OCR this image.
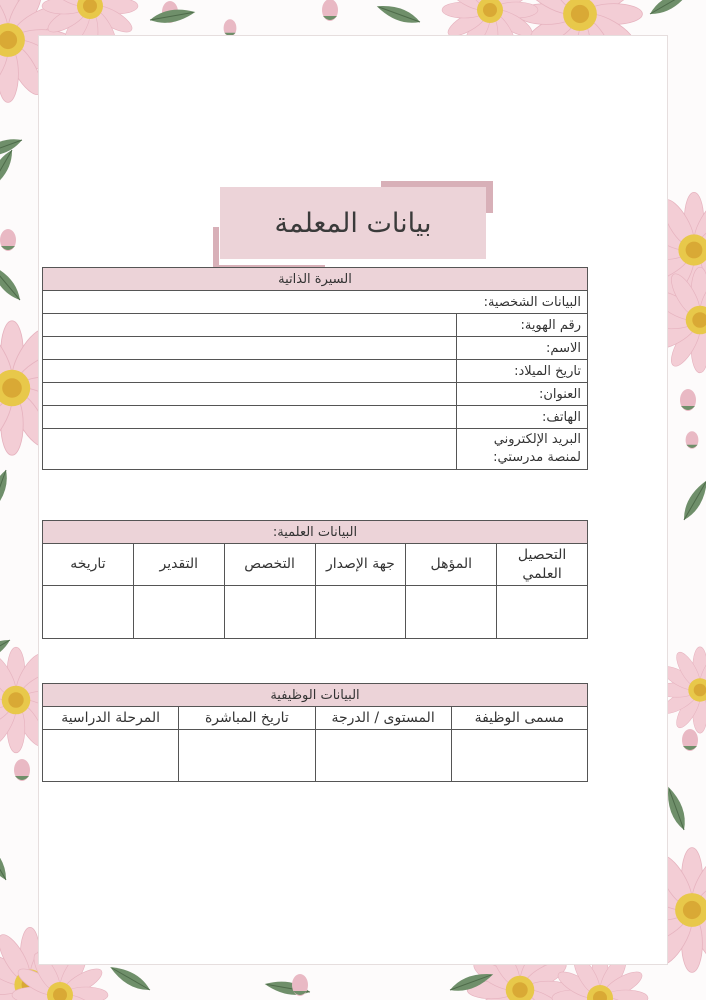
بيانات المعلمة
السيرة الذاتية	
البيانات الشخصية:	
رقم الهوية:	
الاسم:	
تاريخ الميلاد:	
العنوان:	
الهاتف:	
البريد الإلكتروني لمنصة مدرستي:	
البيانات العلمية:					
التحصيل العلمي	المؤهل	جهة الإصدار	التخصص	التقدير	تاريخه

البيانات الوظيفية			
مسمى الوظيفة	المستوى / الدرجة	تاريخ المباشرة	المرحلة الدراسية
